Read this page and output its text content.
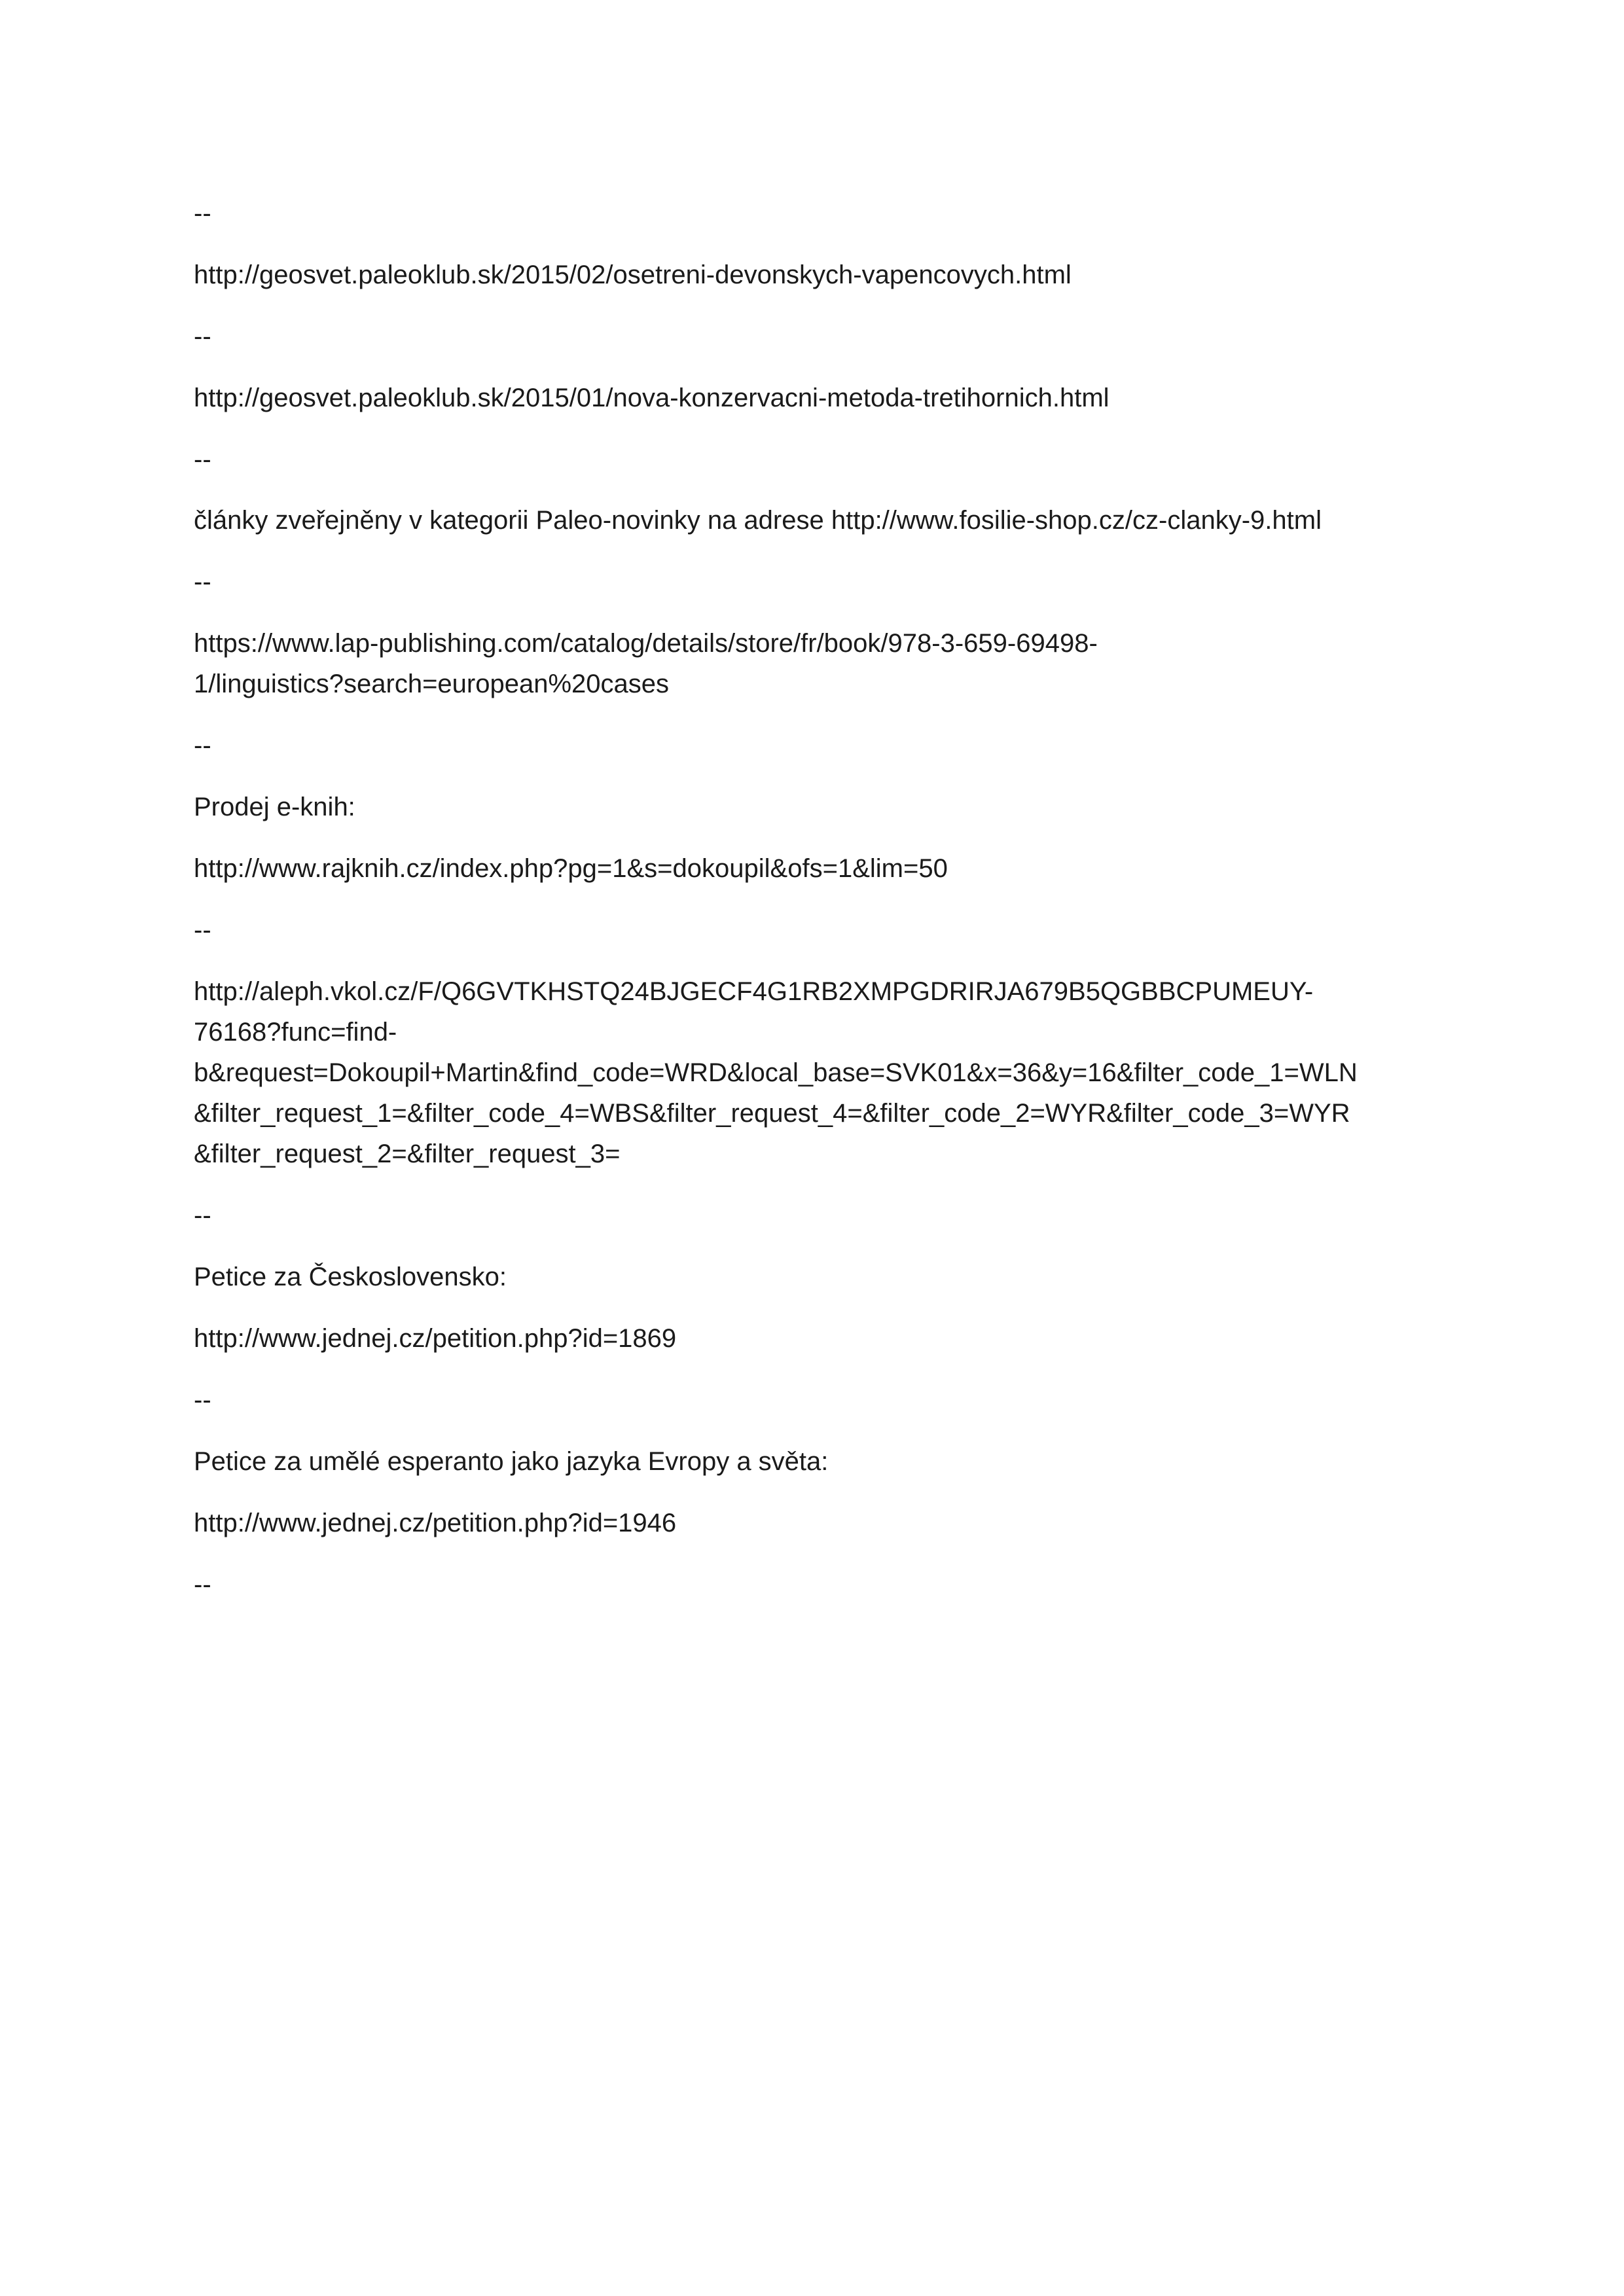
--
http://geosvet.paleoklub.sk/2015/02/osetreni-devonskych-vapencovych.html
--
http://geosvet.paleoklub.sk/2015/01/nova-konzervacni-metoda-tretihornich.html
--
články zveřejněny v kategorii Paleo-novinky na adrese http://www.fosilie-shop.cz/cz-clanky-9.html
--
https://www.lap-publishing.com/catalog/details/store/fr/book/978-3-659-69498-
1/linguistics?search=european%20cases
--
Prodej e-knih:
http://www.rajknih.cz/index.php?pg=1&s=dokoupil&ofs=1&lim=50
--
http://aleph.vkol.cz/F/Q6GVTKHSTQ24BJGECF4G1RB2XMPGDRIRJA679B5QGBBCPUMEUY-
76168?func=find-
b&request=Dokoupil+Martin&find_code=WRD&local_base=SVK01&x=36&y=16&filter_code_1=WLN
&filter_request_1=&filter_code_4=WBS&filter_request_4=&filter_code_2=WYR&filter_code_3=WYR
&filter_request_2=&filter_request_3=
--
Petice za Československo:
http://www.jednej.cz/petition.php?id=1869
--
Petice za umělé esperanto jako jazyka Evropy a světa:
http://www.jednej.cz/petition.php?id=1946
--
